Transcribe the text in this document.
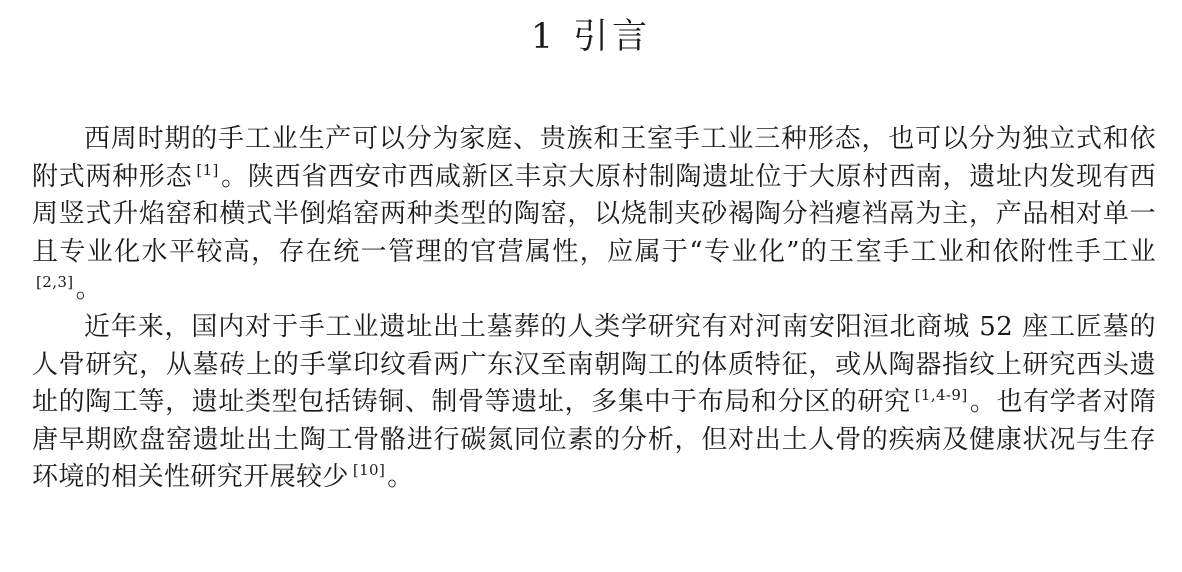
1 引言

西周时期的手工业生产可以分为家庭、贵族和王室手工业三种形态，也可以分为独立式和依附式两种形态 [1]。陕西省西安市西咸新区丰京大原村制陶遗址位于大原村西南，遗址内发现有西周竖式升焰窑和横式半倒焰窑两种类型的陶窑，以烧制夹砂褐陶分裆瘪裆鬲为主，产品相对单一且专业化水平较高，存在统一管理的官营属性，应属于“专业化”的王室手工业和依附性手工业[2,3]。

近年来，国内对于手工业遗址出土墓葬的人类学研究有对河南安阳洹北商城 52 座工匠墓的人骨研究，从墓砖上的手掌印纹看两广东汉至南朝陶工的体质特征，或从陶器指纹上研究西头遗址的陶工等，遗址类型包括铸铜、制骨等遗址，多集中于布局和分区的研究 [1,4-9]。也有学者对隋唐早期欧盘窑遗址出土陶工骨骼进行碳氮同位素的分析，但对出土人骨的疾病及健康状况与生存环境的相关性研究开展较少 [10]。
